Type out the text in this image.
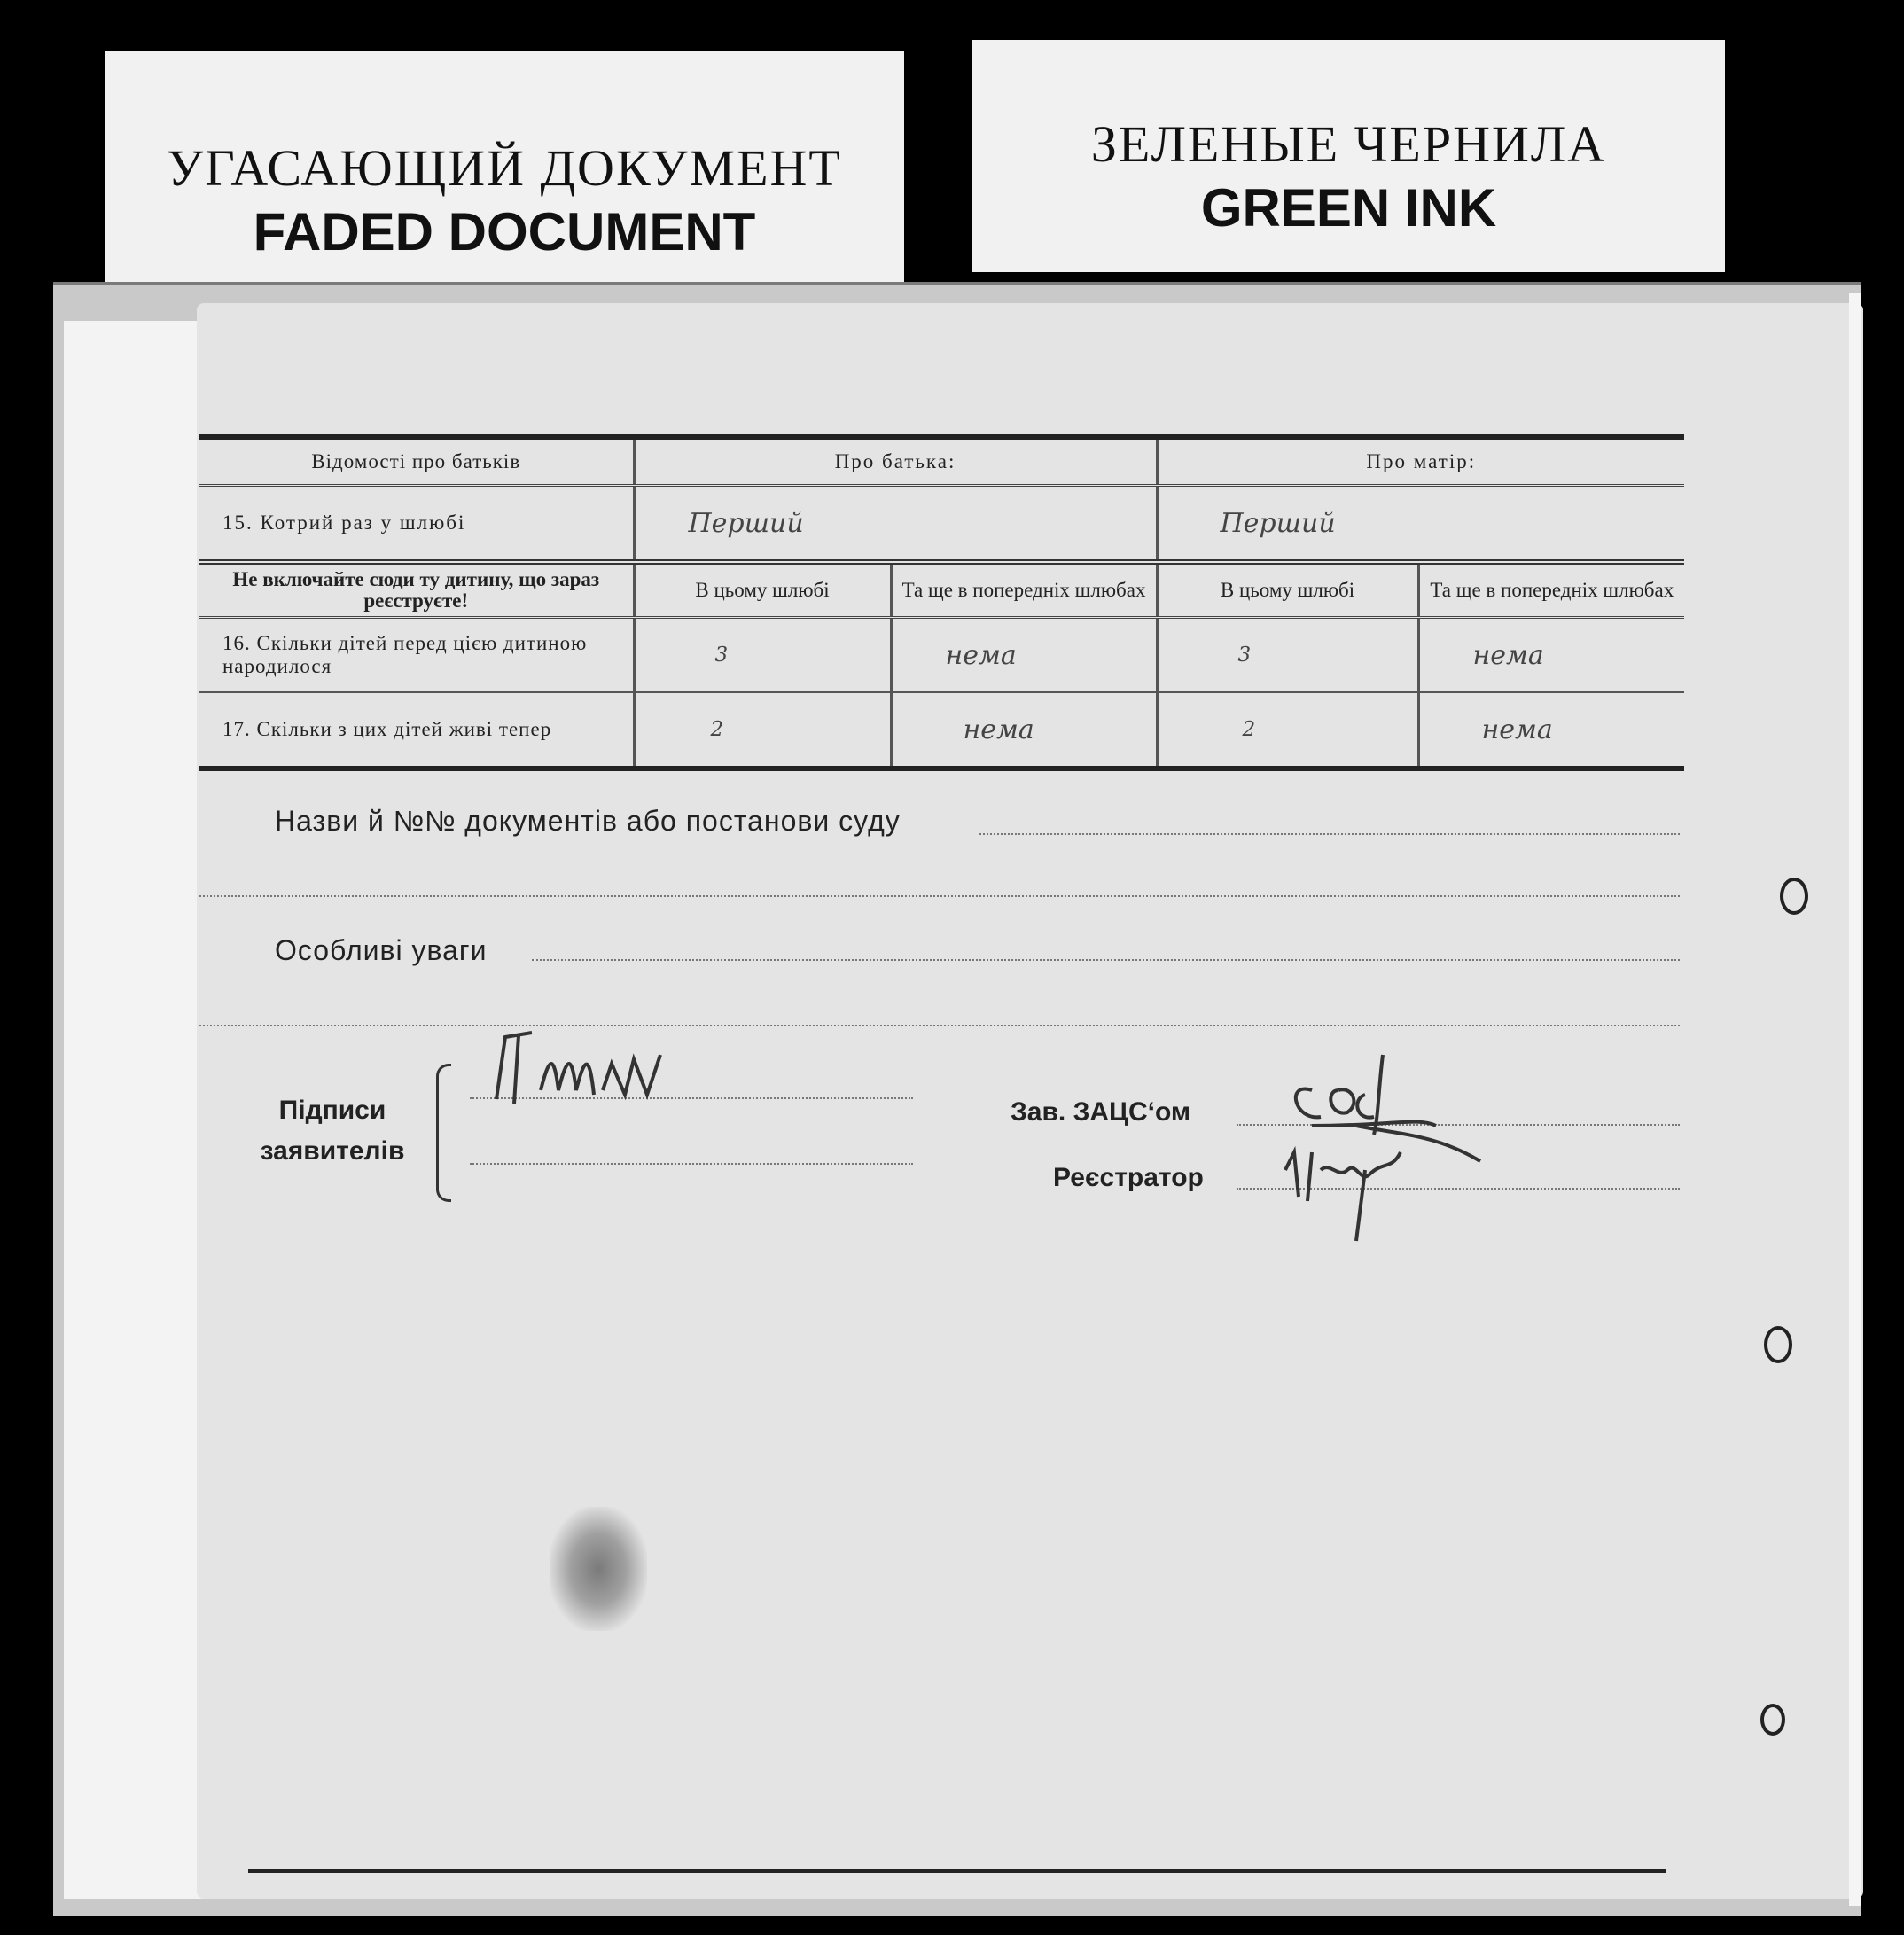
УГАСАЮЩИЙ ДОКУМЕНТ
FADED DOCUMENT
ЗЕЛЕНЫЕ ЧЕРНИЛА
GREEN INK
Відомості про батьків	Про батька:		Про матір:	
15. Котрий раз у шлюбі	Перший		Перший	
Не включайте сюди ту дитину, що зараз реєструєте!	В цьому шлюбі	Та ще в попередніх шлюбах	В цьому шлюбі	Та ще в попередніх шлюбах
16. Скільки дітей перед цією дитиною народилося	3	нема	3	нема
17. Скільки з цих дітей живі тепер	2	нема	2	нема
Назви й №№ документів або постанови суду
Особливі уваги
Підписи заявителів
Зав. ЗАЦС‘ом
Реєстратор
